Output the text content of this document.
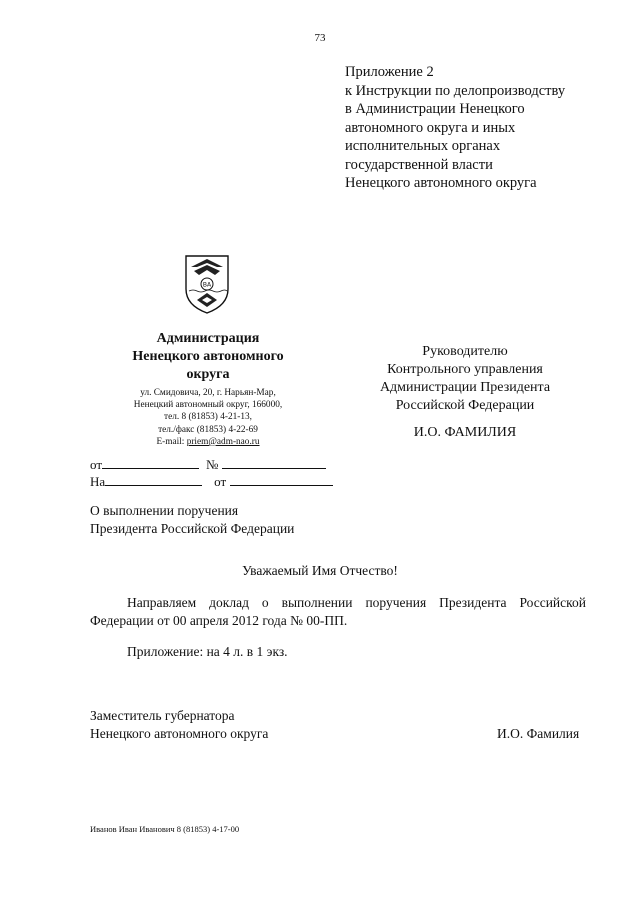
73
Приложение 2
к Инструкции по делопроизводству
в Администрации Ненецкого
автономного округа и иных
исполнительных органах
государственной власти
Ненецкого автономного округа
ВА
Администрация
Ненецкого автономного
округа
ул. Смидовича, 20, г. Нарьян-Мар,
Ненецкий автономный округ, 166000,
тел. 8 (81853) 4-21-13,
тел./факс (81853) 4-22-69
E-mail: priem@adm-nao.ru
Руководителю
Контрольного управления
Администрации Президента
Российской Федерации
И.О. ФАМИЛИЯ
от	№
На	от
О выполнении поручения
Президента Российской Федерации
Уважаемый Имя Отчество!
Направляем доклад о выполнении поручения Президента Российской Федерации от 00 апреля 2012 года № 00-ПП.
Приложение: на 4 л. в 1 экз.
Заместитель губернатора
Ненецкого автономного округа	И.О. Фамилия
Иванов Иван Иванович 8 (81853) 4-17-00
